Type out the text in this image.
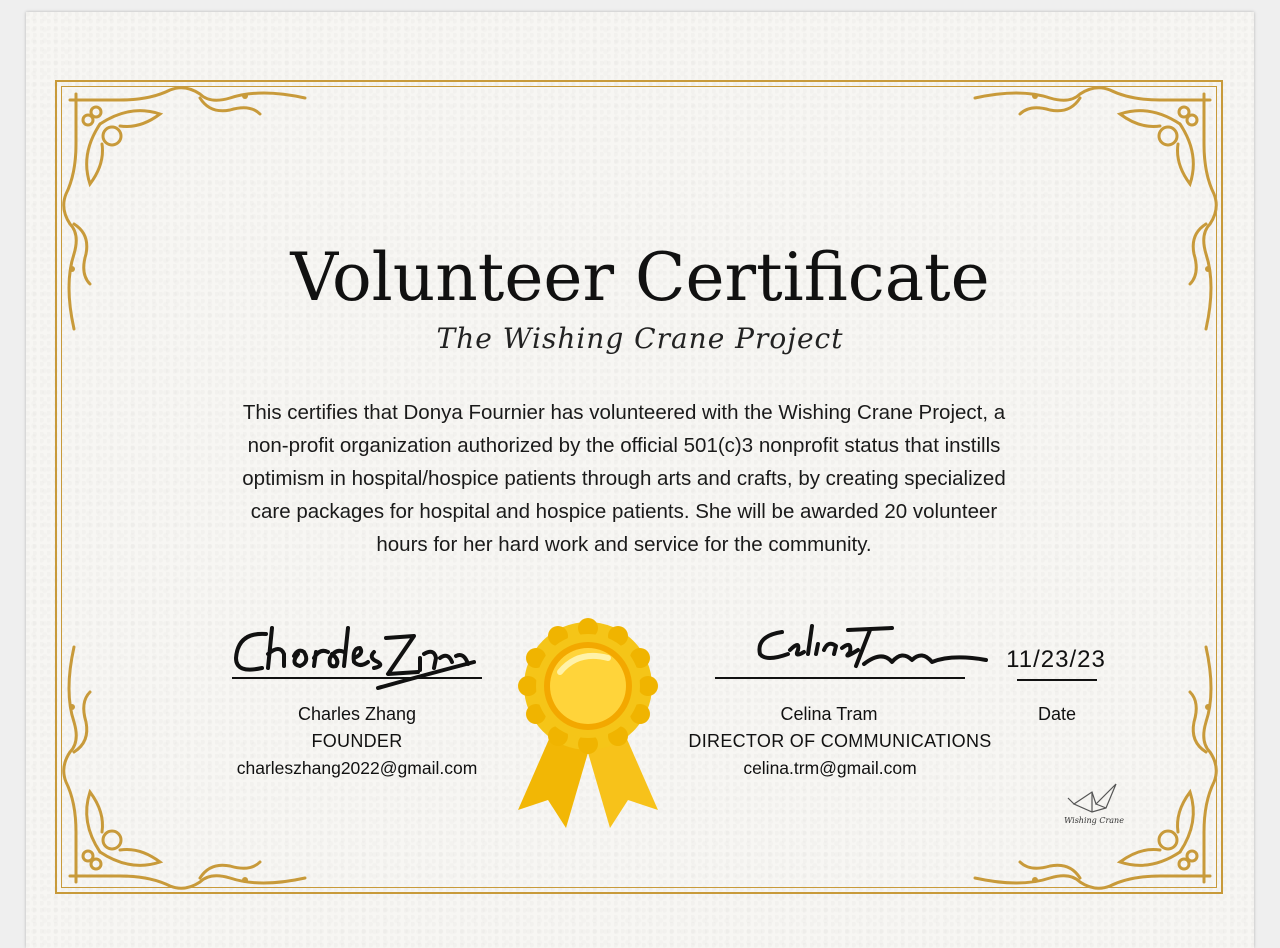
Volunteer Certificate
The Wishing Crane Project
This certifies that Donya Fournier has volunteered with the Wishing Crane Project, a non-profit organization authorized by the official 501(c)3 nonprofit status that instills optimism in hospital/hospice patients through arts and crafts, by creating specialized care packages for hospital and hospice patients. She will be awarded 20 volunteer hours for her hard work and service for the community.
Charles Zhang
FOUNDER
charleszhang2022@gmail.com
Celina Tram
DIRECTOR OF COMMUNICATIONS
celina.trm@gmail.com
11/23/23
Date
Wishing Crane
